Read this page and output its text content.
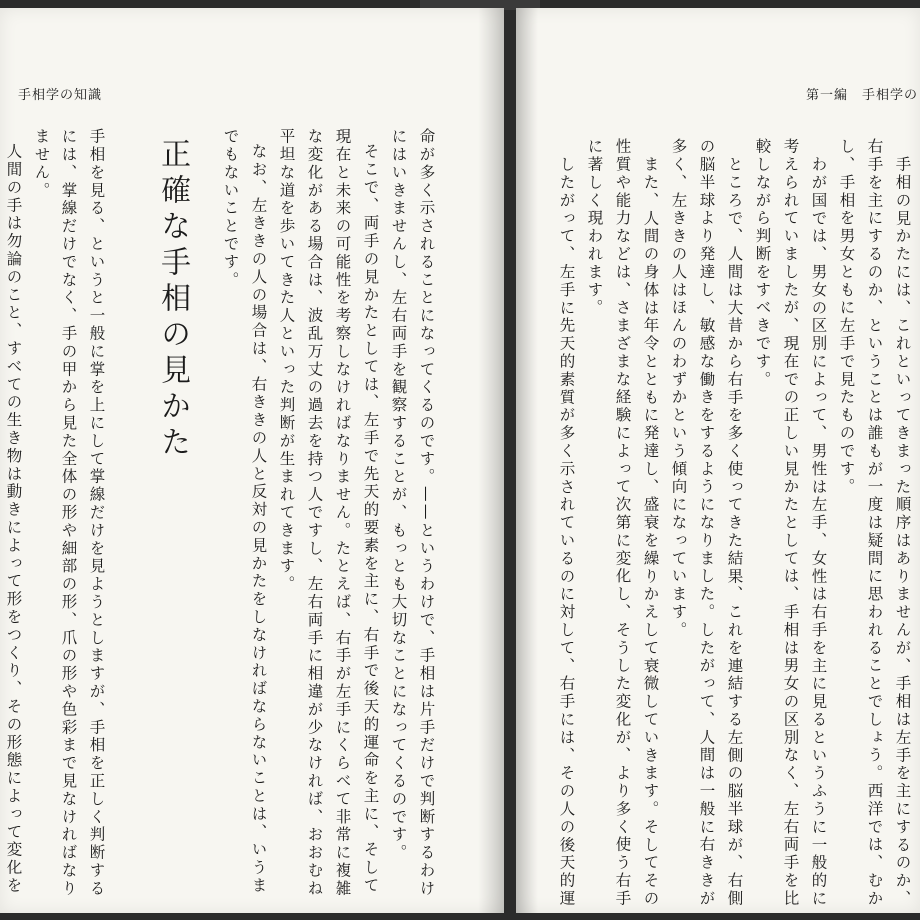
手相学の知識
正確な手相の見かた
手相を見る、というと一般に掌を上にして掌線だけを見ようとしますが、手相を正しく判断する
には、掌線だけでなく、手の甲から見た全体の形や細部の形、爪の形や色彩まで見なければなり
ません。
人間の手は勿論のこと、すべての生き物は動きによって形をつくり、その形態によって変化を	命が多く示されることになってくるのです。——というわけで、手相は片手だけで判断するわけ
にはいきませんし、左右両手を観察することが、もっとも大切なことになってくるのです。
そこで、両手の見かたとしては、左手で先天的要素を主に、右手で後天的運命を主に、そして
現在と未来の可能性を考察しなければなりません。たとえば、右手が左手にくらべて非常に複雑
な変化がある場合は、波乱万丈の過去を持つ人ですし、左右両手に相違が少なければ、おおむね
平坦な道を歩いてきた人といった判断が生まれてきます。
なお、左ききの人の場合は、右ききの人と反対の見かたをしなければならないことは、いうま
でもないことです。
第一編　手相学の
手相の見かたには、これといってきまった順序はありませんが、手相は左手を主にするのか、
右手を主にするのか、ということは誰もが一度は疑問に思われることでしょう。西洋では、むか
し、手相を男女ともに左手で見たものです。
わが国では、男女の区別によって、男性は左手、女性は右手を主に見るというふうに一般的に
考えられていましたが、現在での正しい見かたとしては、手相は男女の区別なく、左右両手を比
較しながら判断をすべきです。
ところで、人間は大昔から右手を多く使ってきた結果、これを連結する左側の脳半球が、右側
の脳半球より発達し、敏感な働きをするようになりました。したがって、人間は一般に右ききが
多く、左ききの人はほんのわずかという傾向になっています。
また、人間の身体は年令とともに発達し、盛衰を繰りかえして衰微していきます。そしてその
性質や能力などは、さまざまな経験によって次第に変化し、そうした変化が、より多く使う右手
に著しく現われます。
したがって、左手に先天的素質が多く示されているのに対して、右手には、その人の後天的運
